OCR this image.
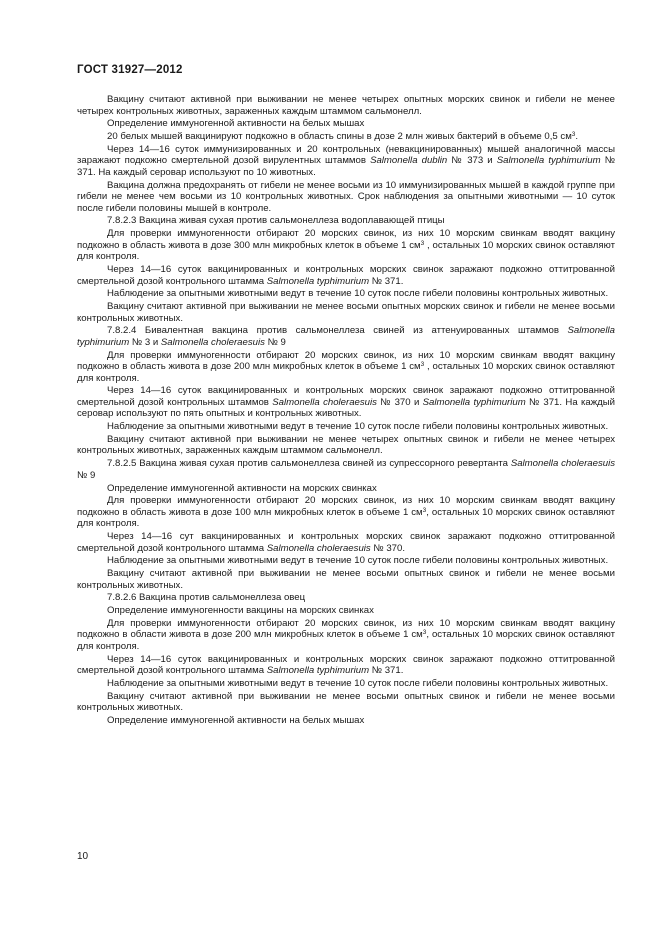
ГОСТ 31927—2012

Вакцину считают активной при выживании не менее четырех опытных морских свинок и гибели не менее четырех контрольных животных, зараженных каждым штаммом сальмонелл.

Определение иммуногенной активности на белых мышах

20 белых мышей вакцинируют подкожно в область спины в дозе 2 млн живых бактерий в объеме 0,5 $см^3$.

Через 14—16 суток иммунизированных и 20 контрольных (невакцинированных) мышей аналогичной массы заражают подкожно смертельной дозой вирулентных штаммов Salmonella dublin № 373 и Salmonella typhimurium № 371. На каждый серовар используют по 10 животных.

Вакцина должна предохранять от гибели не менее восьми из 10 иммунизированных мышей в каждой группе при гибели не менее чем восьми из 10 контрольных животных. Срок наблюдения за опытными животными — 10 суток после гибели половины мышей в контроле.

7.8.2.3 Вакцина живая сухая против сальмонеллеза водоплавающей птицы

Для проверки иммуногенности отбирают 20 морских свинок, из них 10 морским свинкам вводят вакцину подкожно в область живота в дозе 300 млн микробных клеток в объеме 1 $см^3$ , остальных 10 морских свинок оставляют для контроля.

Через 14—16 суток вакцинированных и контрольных морских свинок заражают подкожно оттитрованной смертельной дозой контрольного штамма Salmonella typhimurium № 371.

Наблюдение за опытными животными ведут в течение 10 суток после гибели половины контрольных животных.

Вакцину считают активной при выживании не менее восьми опытных морских свинок и гибели не менее восьми контрольных животных.

7.8.2.4 Бивалентная вакцина против сальмонеллеза свиней из аттенуированных штаммов Salmonella typhimurium № 3 и Salmonella choleraesuis № 9

Для проверки иммуногенности отбирают 20 морских свинок, из них 10 морским свинкам вводят вакцину подкожно в область живота в дозе 200 млн микробных клеток в объеме 1 $см^3$ , остальных 10 морских свинок оставляют для контроля.

Через 14—16 суток вакцинированных и контрольных морских свинок заражают подкожно оттитрованной смертельной дозой контрольных штаммов Salmonella choleraesuis № 370 и Salmonella typhimurium № 371. На каждый серовар используют по пять опытных и контрольных животных.

Наблюдение за опытными животными ведут в течение 10 суток после гибели половины контрольных животных.

Вакцину считают активной при выживании не менее четырех опытных свинок и гибели не менее четырех контрольных животных, зараженных каждым штаммом сальмонелл.

7.8.2.5 Вакцина живая сухая против сальмонеллеза свиней из супрессорного ревертанта Salmonella choleraesuis № 9

Определение иммуногенной активности на морских свинках

Для проверки иммуногенности отбирают 20 морских свинок, из них 10 морским свинкам вводят вакцину подкожно в область живота в дозе 100 млн микробных клеток в объеме 1 $см^3$, остальных 10 морских свинок оставляют для контроля.

Через 14—16 сут вакцинированных и контрольных морских свинок заражают подкожно оттитрованной смертельной дозой контрольного штамма Salmonella choleraesuis № 370.

Наблюдение за опытными животными ведут в течение 10 суток после гибели половины контрольных животных.

Вакцину считают активной при выживании не менее восьми опытных свинок и гибели не менее восьми контрольных животных.

7.8.2.6 Вакцина против сальмонеллеза овец

Определение иммуногенности вакцины на морских свинках

Для проверки иммуногенности отбирают 20 морских свинок, из них 10 морским свинкам вводят вакцину подкожно в области живота в дозе 200 млн микробных клеток в объеме 1 $см^3$, остальных 10 морских свинок оставляют для контроля.

Через 14—16 суток вакцинированных и контрольных морских свинок заражают подкожно оттитрованной смертельной дозой контрольного штамма Salmonella typhimurium № 371.

Наблюдение за опытными животными ведут в течение 10 суток после гибели половины контрольных животных.

Вакцину считают активной при выживании не менее восьми опытных свинок и гибели не менее восьми контрольных животных.

Определение иммуногенной активности на белых мышах

10
